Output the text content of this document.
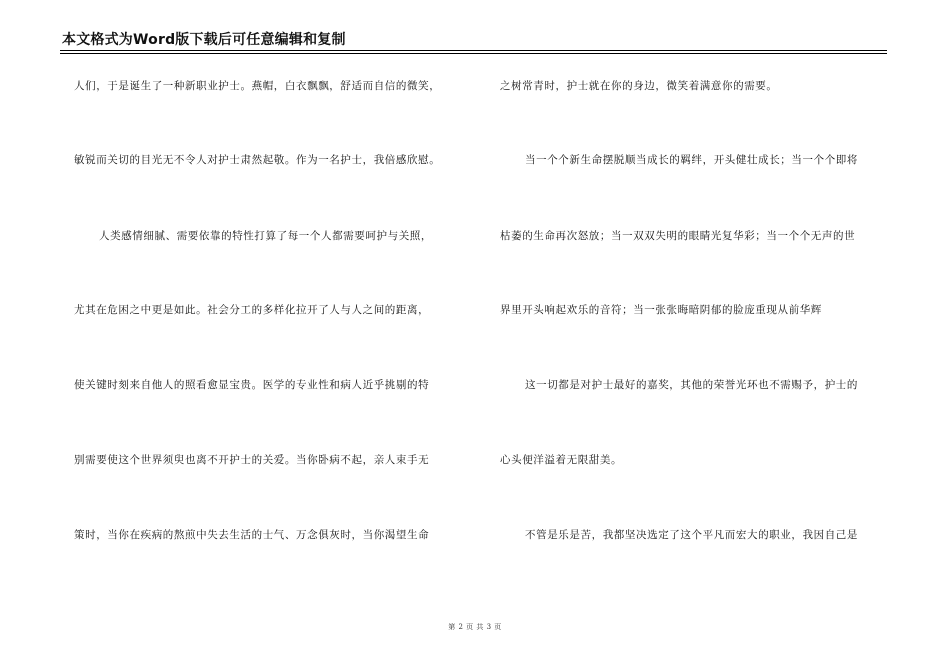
本文格式为Word版下载后可任意编辑和复制
人们，于是诞生了一种新职业护士。燕帽，白衣飘飘，舒适而自信的微笑，
敏锐而关切的目光无不令人对护士肃然起敬。作为一名护士，我倍感欣慰。
人类感情细腻、需要依靠的特性打算了每一个人都需要呵护与关照，
尤其在危困之中更是如此。社会分工的多样化拉开了人与人之间的距离，
使关键时刻来自他人的照看愈显宝贵。医学的专业性和病人近乎挑剔的特
别需要使这个世界须臾也离不开护士的关爱。当你卧病不起，亲人束手无
策时，当你在疾病的熬煎中失去生活的士气、万念俱灰时，当你渴望生命
之树常青时，护士就在你的身边，微笑着满意你的需要。
当一个个新生命摆脱顺当成长的羁绊，开头健壮成长；当一个个即将
枯萎的生命再次怒放；当一双双失明的眼睛光复华彩；当一个个无声的世
界里开头响起欢乐的音符；当一张张晦暗阴郁的脸庞重现从前华辉
这一切都是对护士最好的嘉奖，其他的荣誉光环也不需赐予，护士的
心头便洋溢着无限甜美。
不管是乐是苦，我都坚决选定了这个平凡而宏大的职业，我因自己是
第 2 页 共 3 页
